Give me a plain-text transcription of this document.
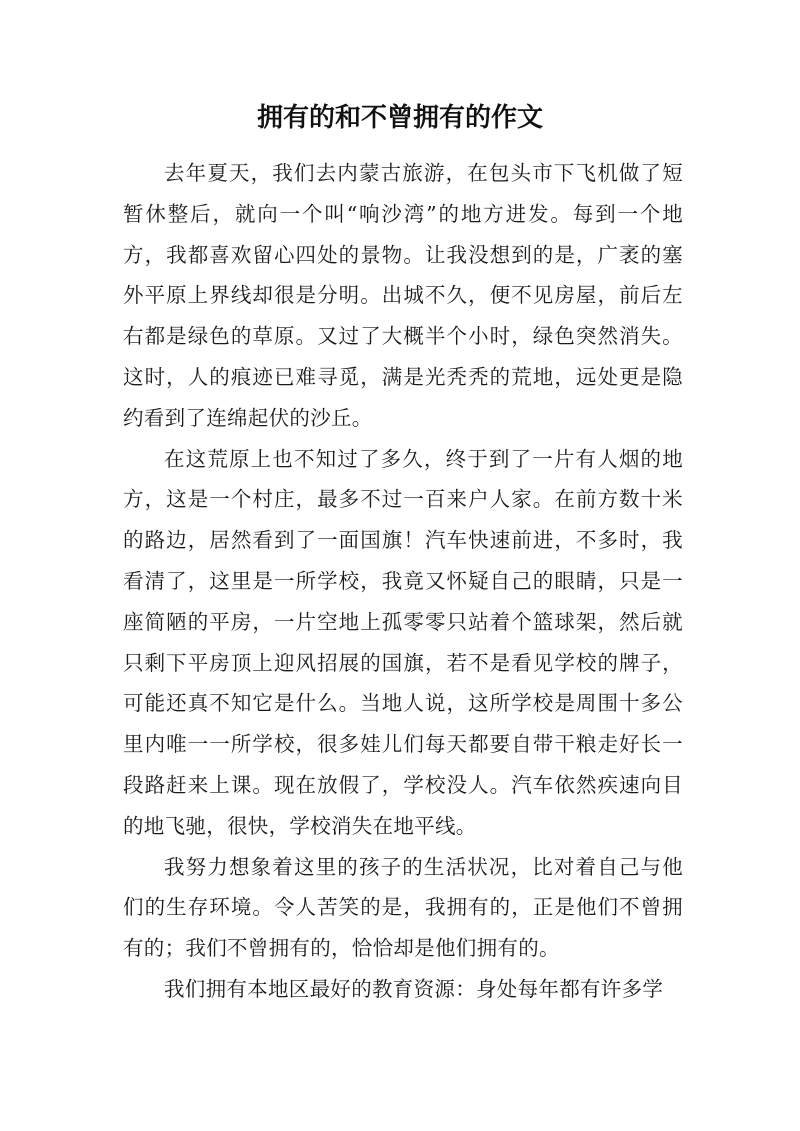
拥有的和不曾拥有的作文

去年夏天，我们去内蒙古旅游，在包头市下飞机做了短暂休整后，就向一个叫“响沙湾”的地方进发。每到一个地方，我都喜欢留心四处的景物。让我没想到的是，广袤的塞外平原上界线却很是分明。出城不久，便不见房屋，前后左右都是绿色的草原。又过了大概半个小时，绿色突然消失。这时，人的痕迹已难寻觅，满是光秃秃的荒地，远处更是隐约看到了连绵起伏的沙丘。

在这荒原上也不知过了多久，终于到了一片有人烟的地方，这是一个村庄，最多不过一百来户人家。在前方数十米的路边，居然看到了一面国旗！汽车快速前进，不多时，我看清了，这里是一所学校，我竟又怀疑自己的眼睛，只是一座简陋的平房，一片空地上孤零零只站着个篮球架，然后就只剩下平房顶上迎风招展的国旗，若不是看见学校的牌子，可能还真不知它是什么。当地人说，这所学校是周围十多公里内唯一一所学校，很多娃儿们每天都要自带干粮走好长一段路赶来上课。现在放假了，学校没人。汽车依然疾速向目的地飞驰，很快，学校消失在地平线。

我努力想象着这里的孩子的生活状况，比对着自己与他们的生存环境。令人苦笑的是，我拥有的，正是他们不曾拥有的；我们不曾拥有的，恰恰却是他们拥有的。

我们拥有本地区最好的教育资源：身处每年都有许多学
